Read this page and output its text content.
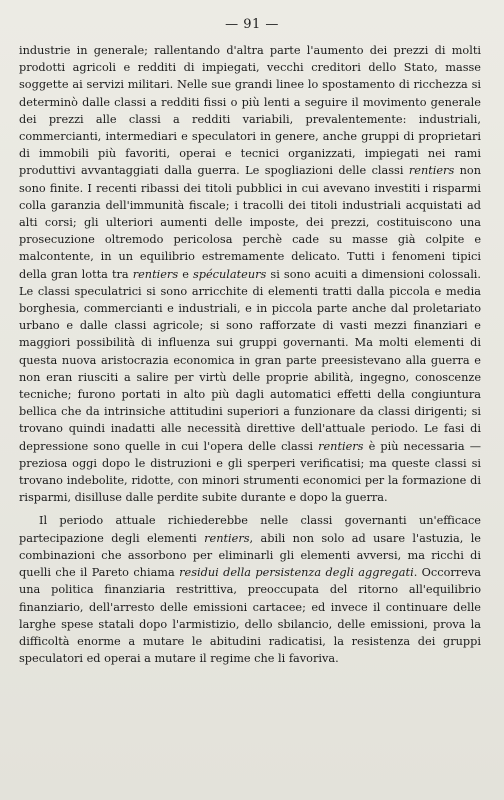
— 91 —

industrie in generale; rallentando d'altra parte l'aumento dei prezzi di molti prodotti agricoli e redditi di impiegati, vecchi creditori dello Stato, masse soggette ai servizi militari. Nelle sue grandi linee lo spostamento di ricchezza si determinò dalle classi a redditi fissi o più lenti a seguire il movimento generale dei prezzi alle classi a redditi variabili, prevalentemente: industriali, commercianti, intermediari e speculatori in genere, anche gruppi di proprietari di immobili più favoriti, operai e tecnici organizzati, impiegati nei rami produttivi avvantaggiati dalla guerra. Le spogliazioni delle classi rentiers non sono finite. I recenti ribassi dei titoli pubblici in cui avevano investiti i risparmi colla garanzia dell'immunità fiscale; i tracolli dei titoli industriali acquistati ad alti corsi; gli ulteriori aumenti delle imposte, dei prezzi, costituiscono una prosecuzione oltremodo pericolosa perchè cade su masse già colpite e malcontente, in un equilibrio estremamente delicato. Tutti i fenomeni tipici della gran lotta tra rentiers e spéculateurs si sono acuiti a dimensioni colossali. Le classi speculatrici si sono arricchite di elementi tratti dalla piccola e media borghesia, commercianti e industriali, e in piccola parte anche dal proletariato urbano e dalle classi agricole; si sono rafforzate di vasti mezzi finanziari e maggiori possibilità di influenza sui gruppi governanti. Ma molti elementi di questa nuova aristocrazia economica in gran parte preesistevano alla guerra e non eran riusciti a salire per virtù delle proprie abilità, ingegno, conoscenze tecniche; furono portati in alto più dagli automatici effetti della congiuntura bellica che da intrinsiche attitudini superiori a funzionare da classi dirigenti; si trovano quindi inadatti alle necessità direttive dell'attuale periodo. Le fasi di depressione sono quelle in cui l'opera delle classi rentiers è più necessaria — preziosa oggi dopo le distruzioni e gli sperperi verificatisi; ma queste classi si trovano indebolite, ridotte, con minori strumenti economici per la formazione di risparmi, disilluse dalle perdite subite durante e dopo la guerra.

Il periodo attuale richiederebbe nelle classi governanti un'efficace partecipazione degli elementi rentiers, abili non solo ad usare l'astuzia, le combinazioni che assorbono per eliminarli gli elementi avversi, ma ricchi di quelli che il Pareto chiama residui della persistenza degli aggregati. Occorreva una politica finanziaria restrittiva, preoccupata del ritorno all'equilibrio finanziario, dell'arresto delle emissioni cartacee; ed invece il continuare delle larghe spese statali dopo l'armistizio, dello sbilancio, delle emissioni, prova la difficoltà enorme a mutare le abitudini radicatisi, la resistenza dei gruppi speculatori ed operai a mutare il regime che li favoriva.
